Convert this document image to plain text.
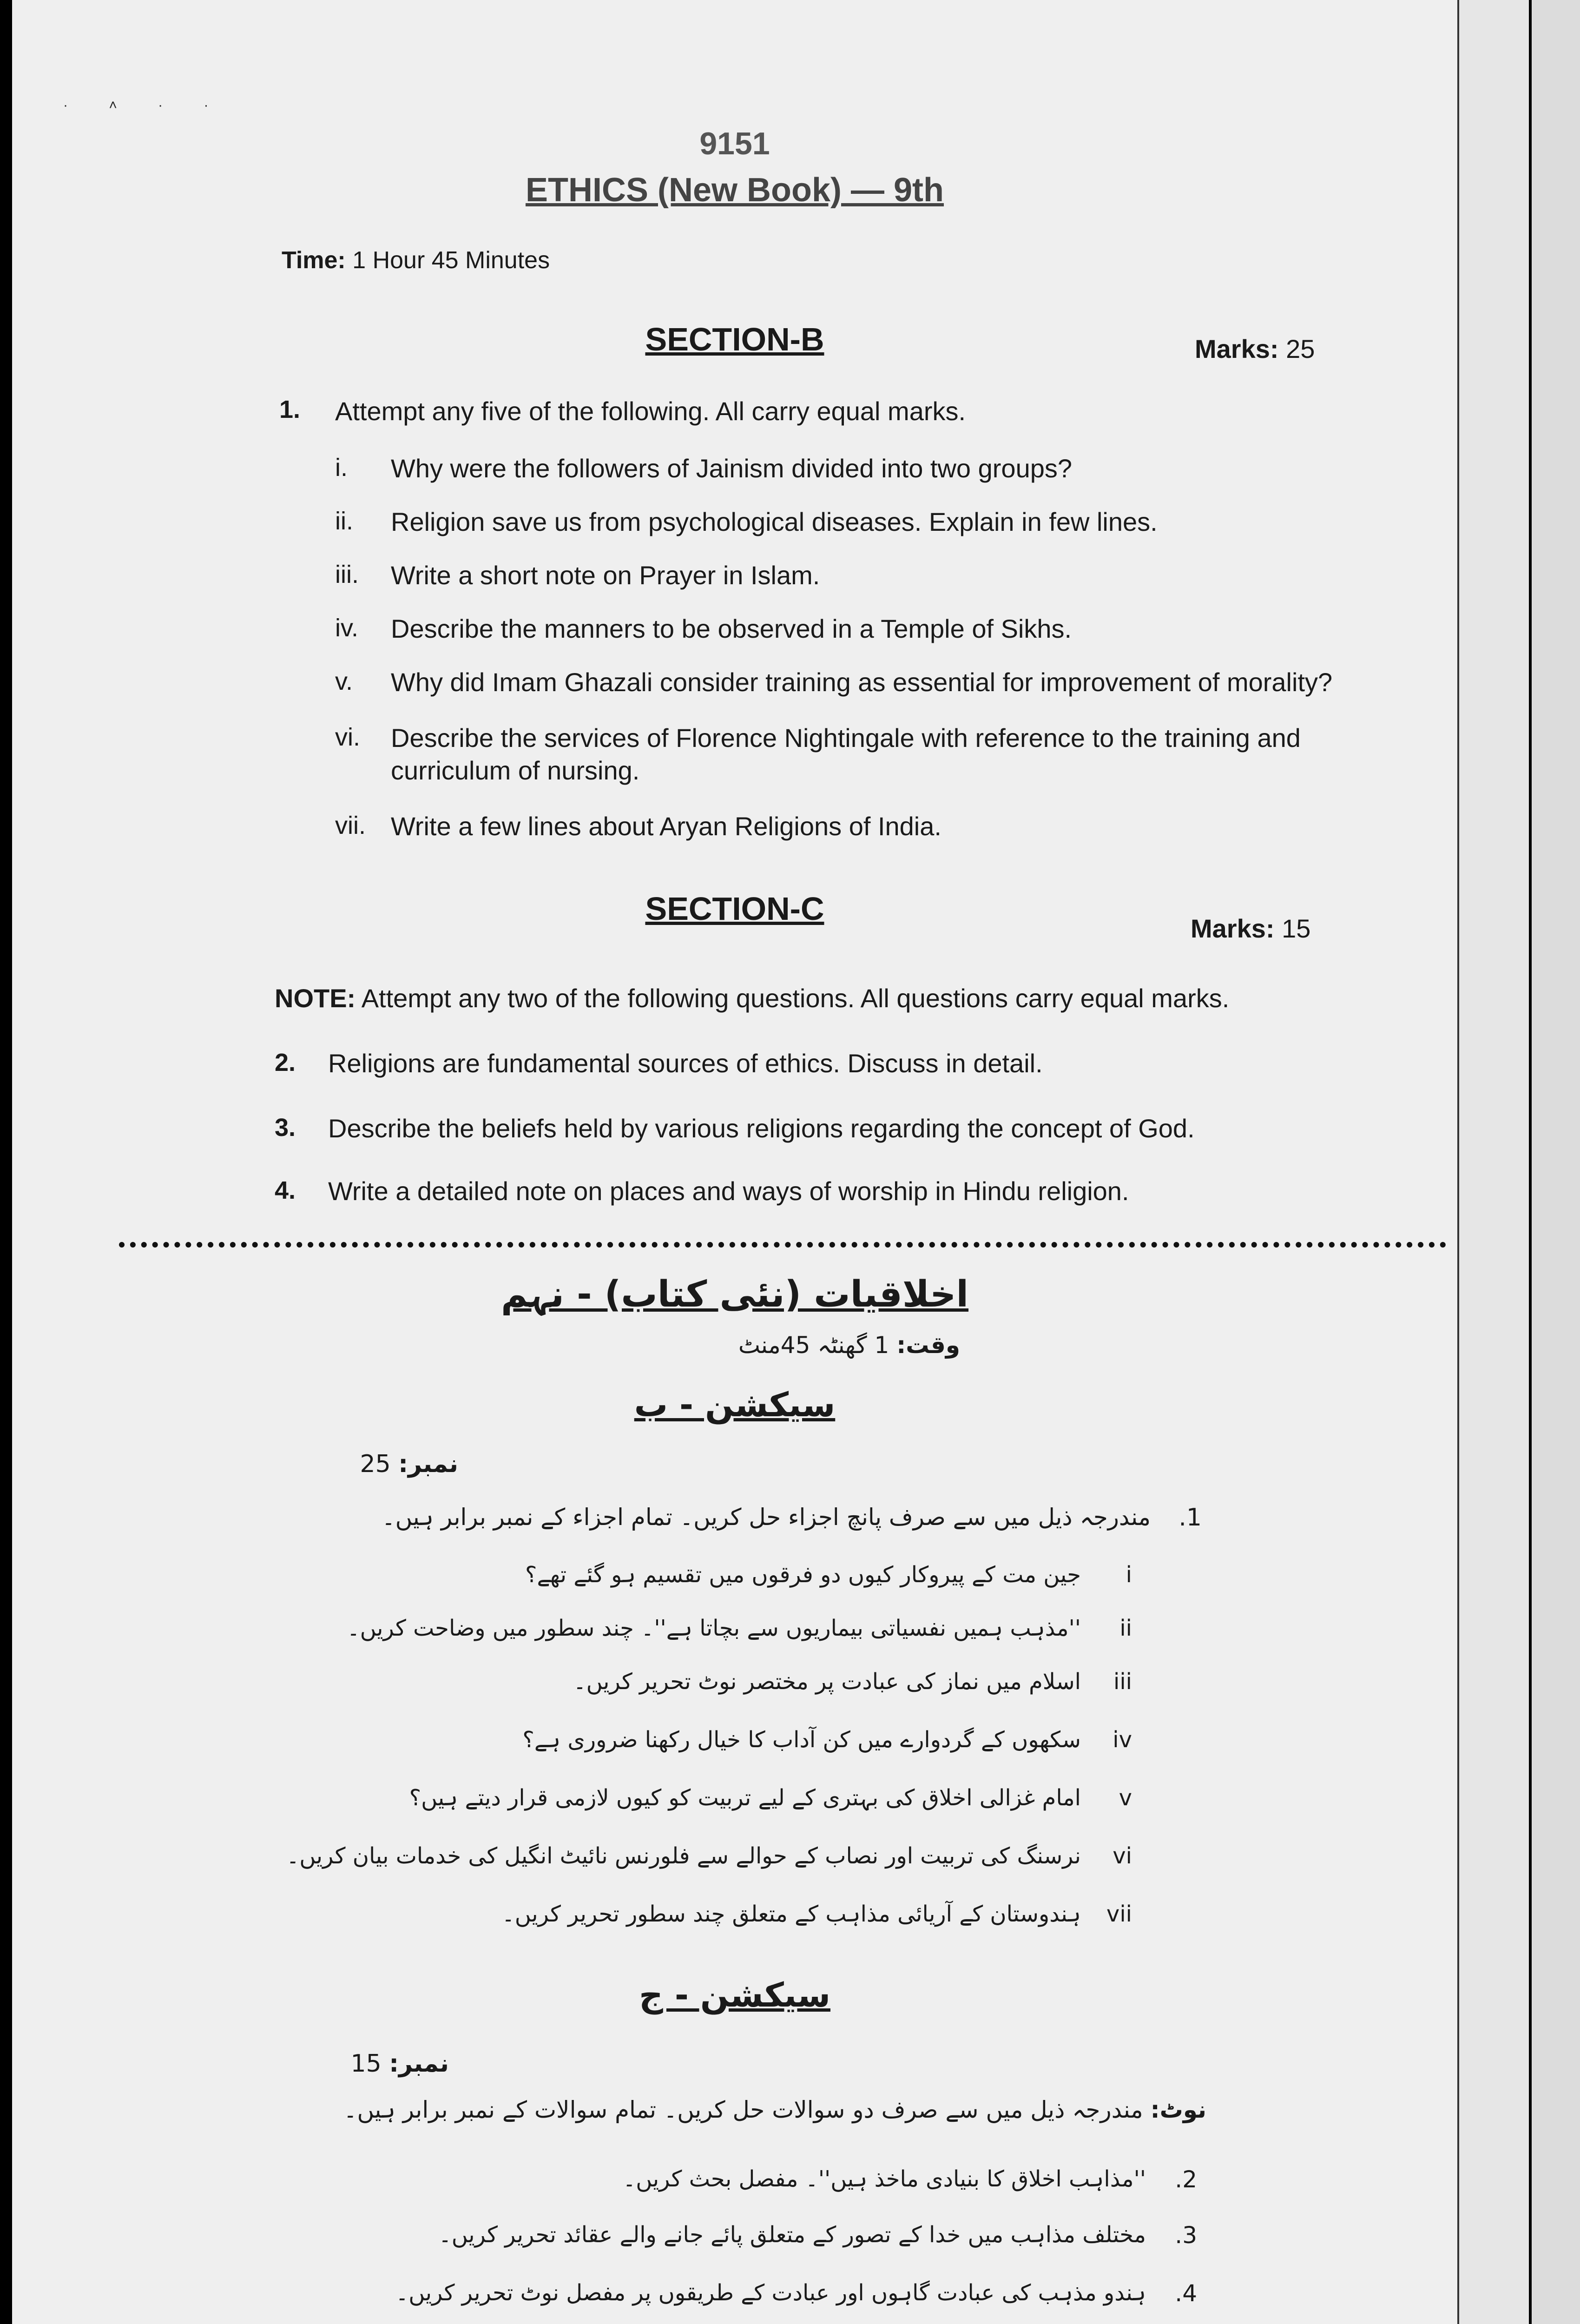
· ˄ · ·
9151
ETHICS (New Book) — 9th
Time: 1 Hour 45 Minutes
SECTION-B	Marks: 25
1. Attempt any five of the following. All carry equal marks.
i. Why were the followers of Jainism divided into two groups?
ii. Religion save us from psychological diseases. Explain in few lines.
iii. Write a short note on Prayer in Islam.
iv. Describe the manners to be observed in a Temple of Sikhs.
v. Why did Imam Ghazali consider training as essential for improvement of morality?
vi. Describe the services of Florence Nightingale with reference to the training and
curriculum of nursing.
vii. Write a few lines about Aryan Religions of India.
SECTION-C
Marks: 15
NOTE: Attempt any two of the following questions. All questions carry equal marks.
2. Religions are fundamental sources of ethics. Discuss in detail.
3. Describe the beliefs held by various religions regarding the concept of God.
4. Write a detailed note on places and ways of worship in Hindu religion.
اخلاقیات (نئی کتاب) - نہم
وقت: 1 گھنٹہ 45منٹ
سیکشن - ب
نمبر: 25
1.
مندرجہ ذیل میں سے صرف پانچ اجزاء حل کریں۔ تمام اجزاء کے نمبر برابر ہیں۔
i
جین مت کے پیروکار کیوں دو فرقوں میں تقسیم ہو گئے تھے؟
ii
''مذہب ہمیں نفسیاتی بیماریوں سے بچاتا ہے''۔ چند سطور میں وضاحت کریں۔
iii
اسلام میں نماز کی عبادت پر مختصر نوٹ تحریر کریں۔
iv
سکھوں کے گردوارے میں کن آداب کا خیال رکھنا ضروری ہے؟
v
امام غزالی اخلاق کی بہتری کے لیے تربیت کو کیوں لازمی قرار دیتے ہیں؟
vi
نرسنگ کی تربیت اور نصاب کے حوالے سے فلورنس نائیٹ انگیل کی خدمات بیان کریں۔
vii
ہندوستان کے آریائی مذاہب کے متعلق چند سطور تحریر کریں۔
سیکشن - ج
نمبر: 15
نوٹ: مندرجہ ذیل میں سے صرف دو سوالات حل کریں۔ تمام سوالات کے نمبر برابر ہیں۔
2.
''مذاہب اخلاق کا بنیادی ماخذ ہیں''۔ مفصل بحث کریں۔
3.
مختلف مذاہب میں خدا کے تصور کے متعلق پائے جانے والے عقائد تحریر کریں۔
4.
ہندو مذہب کی عبادت گاہوں اور عبادت کے طریقوں پر مفصل نوٹ تحریر کریں۔
